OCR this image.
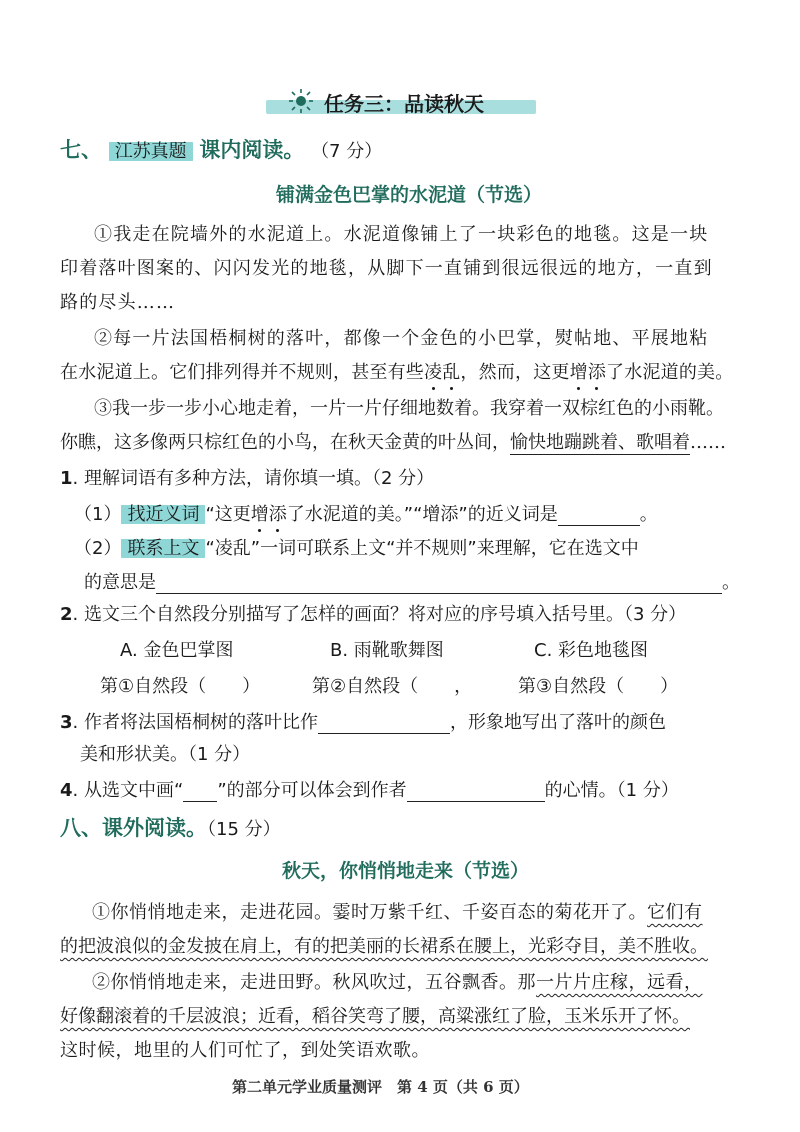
任务三：品读秋天
七、 江苏真题 课内阅读。 （7 分）
铺满金色巴掌的水泥道（节选）
①我走在院墙外的水泥道上。水泥道像铺上了一块彩色的地毯。这是一块
印着落叶图案的、闪闪发光的地毯，从脚下一直铺到很远很远的地方，一直到
路的尽头……
②每一片法国梧桐树的落叶，都像一个金色的小巴掌，熨帖地、平展地粘
在水泥道上。它们排列得并不规则，甚至有些凌乱，然而，这更增添了水泥道的美。
③我一步一步小心地走着，一片一片仔细地数着。我穿着一双棕红色的小雨靴。
你瞧，这多像两只棕红色的小鸟，在秋天金黄的叶丛间，愉快地蹦跳着、歌唱着……
1. 理解词语有多种方法，请你填一填。（2 分）
（1） 找近义词 “这更增添了水泥道的美。”“增添”的近义词是	。
（2） 联系上文 “凌乱”一词可联系上文“并不规则”来理解，它在选文中
的意思是	。
2. 选文三个自然段分别描写了怎样的画面？将对应的序号填入括号里。（3 分）
A. 金色巴掌图	B. 雨靴歌舞图	C. 彩色地毯图
第①自然段（　　）	第②自然段（　　，	第③自然段（　　）
3. 作者将法国梧桐树的落叶比作	，形象地写出了落叶的颜色
美和形状美。（1 分）
4. 从选文中画“ ”的部分可以体会到作者	的心情。（1 分）
八、课外阅读。（15 分）
秋天，你悄悄地走来（节选）
①你悄悄地走来，走进花园。霎时万紫千红、千姿百态的菊花开了。它们有
的把波浪似的金发披在肩上，有的把美丽的长裙系在腰上，光彩夺目，美不胜收。
②你悄悄地走来，走进田野。秋风吹过，五谷飘香。那一片片庄稼，远看，
好像翻滚着的千层波浪；近看，稻谷笑弯了腰，高粱涨红了脸，玉米乐开了怀。
这时候，地里的人们可忙了，到处笑语欢歌。
第二单元学业质量测评　第 4 页（共 6 页）
